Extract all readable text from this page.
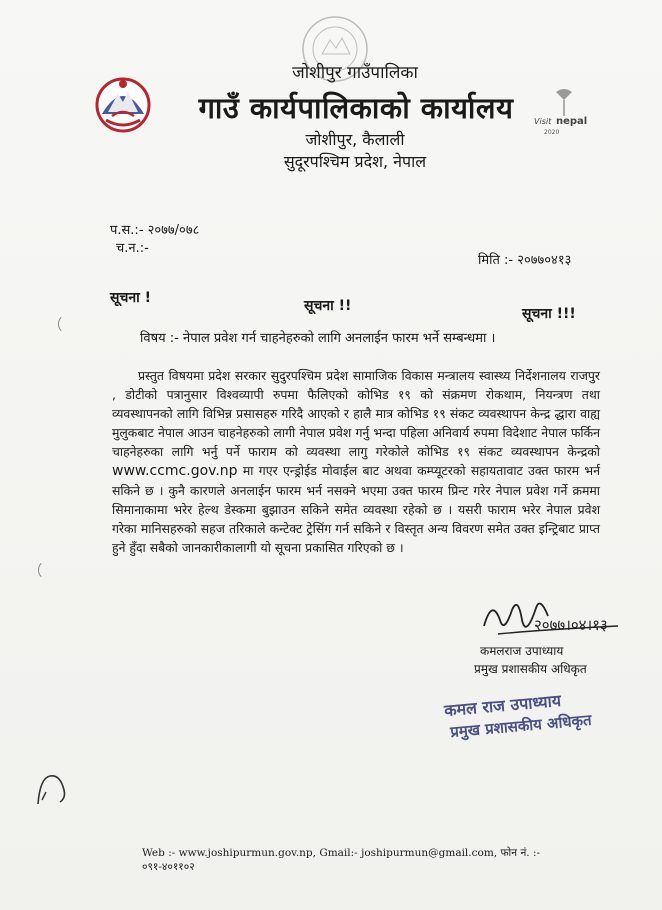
जोशीपुर गाउँपालिका
गाउँ कार्यपालिकाको कार्यालय
जोशीपुर, कैलाली
सुदूरपश्चिम प्रदेश, नेपाल
Visit nepal
2020
प.स.:- २०७७/०७८
च.न.:-
मिति :- २०७७०४१३
सूचना !	सूचना !!	सूचना !!!
विषय :- नेपाल प्रवेश गर्न चाहनेहरुको लागि अनलाईन फारम भर्ने सम्बन्धमा ।
प्रस्तुत विषयमा प्रदेश सरकार सुदुरपश्चिम प्रदेश सामाजिक विकास मन्त्रालय स्वास्थ्य निर्देशनालय राजपुर , डोटीको पत्रानुसार विश्वव्यापी रुपमा फैलिएको कोभिड १९ को संक्रमण रोकथाम, नियन्त्रण तथा व्यवस्थापनको लागि विभिन्न प्रसासहरु गरिदै आएको र हालै मात्र कोभिड १९ संकट व्यवस्थापन केन्द्र द्धारा वाह्य मुलुकबाट नेपाल आउन चाहनेहरुको लागी नेपाल प्रवेश गर्नु भन्दा पहिला अनिवार्य रुपमा विदेशाट नेपाल फर्किन चाहनेहरुका लागि भर्नु पर्ने फाराम को व्यवस्था लागु गरेकोले कोभिड १९ संकट व्यवस्थापन केन्द्रको www.ccmc.gov.np मा गएर एन्ड्रोईड मोवाईल बाट अथवा कम्प्यूटरको सहायतावाट उक्त फारम भर्न सकिने छ । कुनै कारणले अनलाईन फारम भर्न नसक्ने भएमा उक्त फारम प्रिन्ट गरेर नेपाल प्रवेश गर्ने क्रममा सिमानाकामा भरेर हेल्थ डेस्कमा बुझाउन सकिने समेत व्यवस्था रहेको छ । यसरी फाराम भरेर नेपाल प्रवेश गरेका मानिसहरुको सहज तरिकाले कन्टेक्ट ट्रेसिंग गर्न सकिने र विस्तृत अन्य विवरण समेत उक्त इन्ट्रिबाट प्राप्त हुने हुँदा सबैको जानकारीकालागी यो सूचना प्रकासित गरिएको छ ।
२०७७।०४।१३
कमलराज उपाध्याय
प्रमुख प्रशासकीय अधिकृत
कमल राज उपाध्याय
प्रमुख प्रशासकीय अधिकृत
Web :- www.joshipurmun.gov.np, Gmail:- joshipurmun@gmail.com, फोन नं. :- ०९१-४०११०२
